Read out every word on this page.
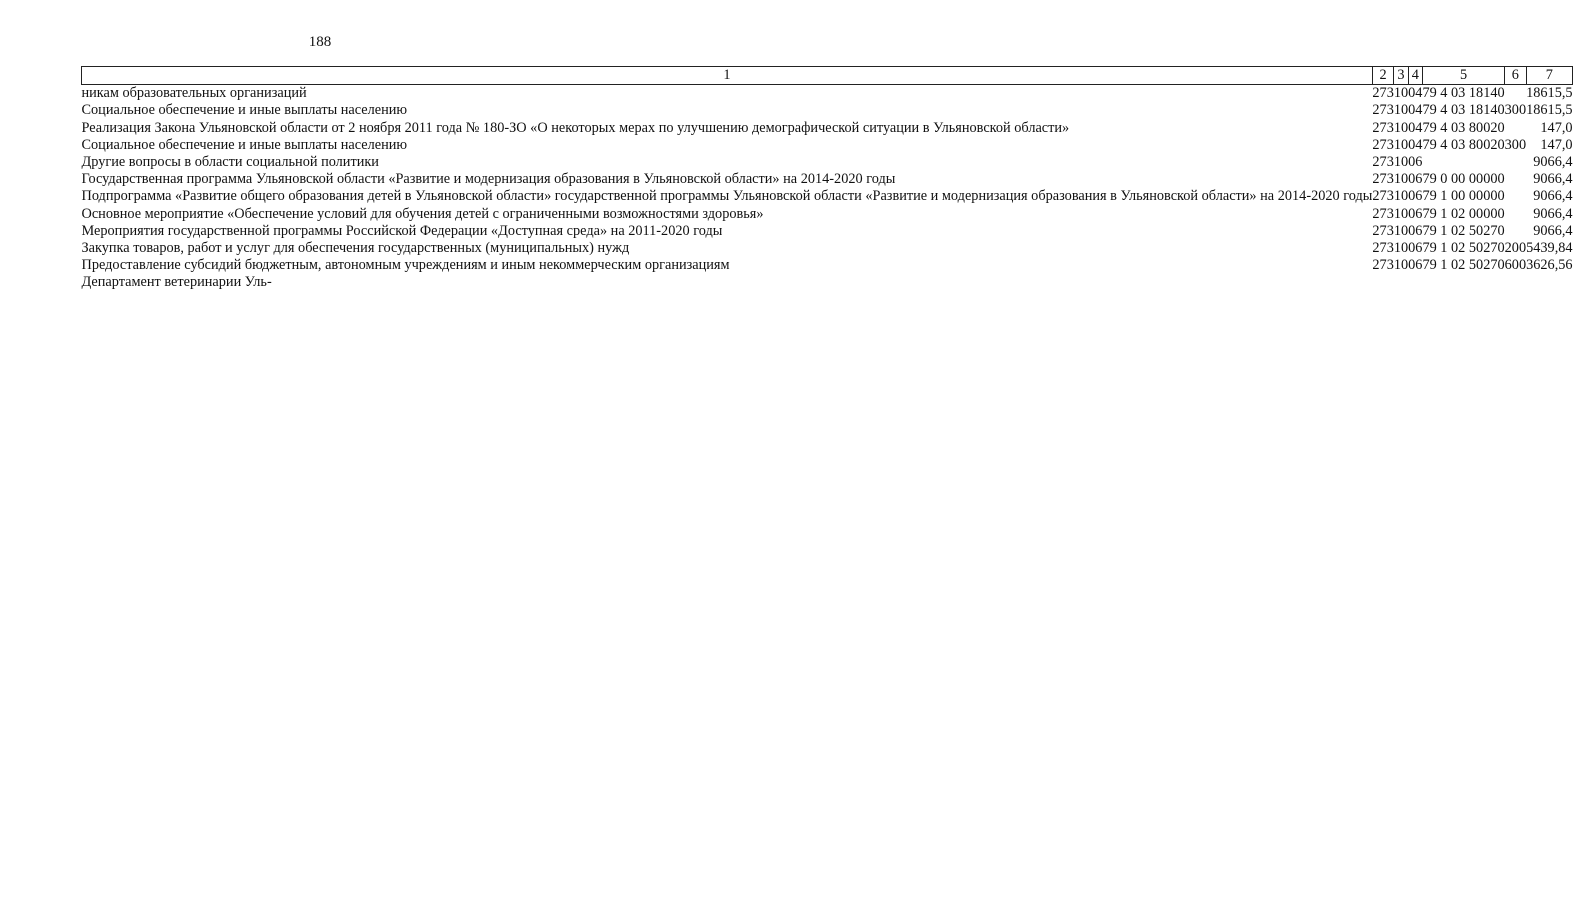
188
1	2	3	4	5	6	7
никам образовательных организаций	273	10	04	79 4 03 18140		18615,5
Социальное обеспечение и иные выплаты населению	273	10	04	79 4 03 18140	300	18615,5
Реализация Закона Ульяновской области от 2 ноября 2011 года № 180-ЗО «О некоторых мерах по улучшению демографической ситуации в Ульяновской области»	273	10	04	79 4 03 80020		147,0
Социальное обеспечение и иные выплаты населению	273	10	04	79 4 03 80020	300	147,0
Другие вопросы в области социальной политики	273	10	06			9066,4
Государственная программа Ульяновской области «Развитие и модернизация образования в Ульяновской области» на 2014-2020 годы	273	10	06	79 0 00 00000		9066,4
Подпрограмма «Развитие общего образования детей в Ульяновской области» государственной программы Ульяновской области «Развитие и модернизация образования в Ульяновской области» на 2014-2020 годы	273	10	06	79 1 00 00000		9066,4
Основное мероприятие «Обеспечение условий для обучения детей с ограниченными возможностями здоровья»	273	10	06	79 1 02 00000		9066,4
Мероприятия государственной программы Российской Федерации «Доступная среда» на 2011-2020 годы	273	10	06	79 1 02 50270		9066,4
Закупка товаров, работ и услуг для обеспечения государственных (муниципальных) нужд	273	10	06	79 1 02 50270	200	5439,84
Предоставление субсидий бюджетным, автономным учреждениям и иным некоммерческим организациям	273	10	06	79 1 02 50270	600	3626,56
Департамент ветеринарии Уль-						
